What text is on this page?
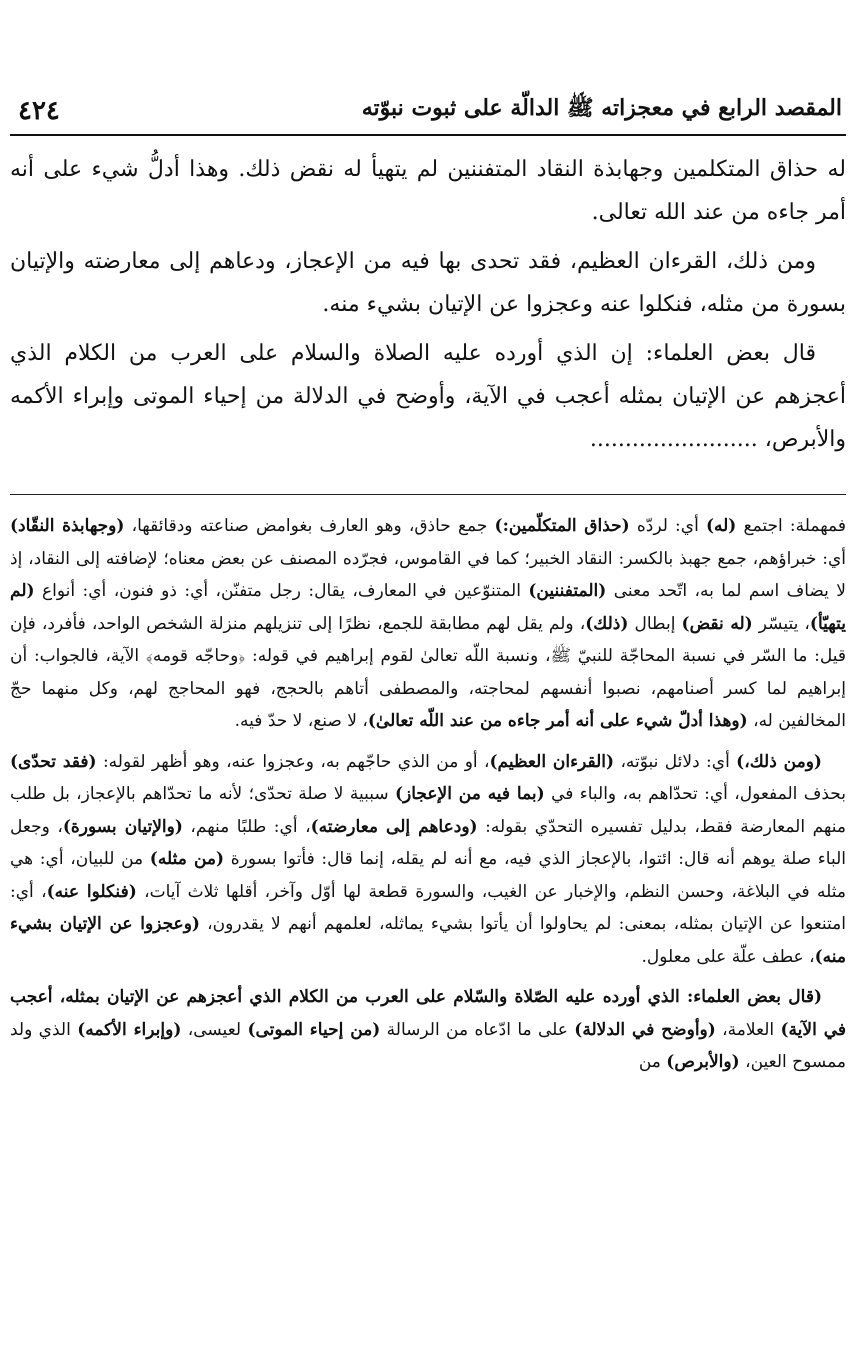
المقصد الرابع في معجزاته ﷺ الدالّة على ثبوت نبوّته
٤٢٤

له حذاق المتكلمين وجهابذة النقاد المتفننين لم يتهيأ له نقض ذلك. وهذا أدلُّ شيء على أنه أمر جاءه من عند الله تعالى.

ومن ذلك، القرءان العظيم، فقد تحدى بها فيه من الإعجاز، ودعاهم إلى معارضته والإتيان بسورة من مثله، فنكلوا عنه وعجزوا عن الإتيان بشيء منه.

قال بعض العلماء: إن الذي أورده عليه الصلاة والسلام على العرب من الكلام الذي أعجزهم عن الإتيان بمثله أعجب في الآية، وأوضح في الدلالة من إحياء الموتى وإبراء الأكمه والأبرص، ........................

فمهملة: اجتمع (له) أي: لردّه (حذاق المتكلّمين:) جمع حاذق، وهو العارف بغوامض صناعته ودقائقها، (وجهابذة النقّاد) أي: خبراؤهم، جمع جهبذ بالكسر: النقاد الخبير؛ كما في القاموس، فجرّده المصنف عن بعض معناه؛ لإضافته إلى النقاد، إذ لا يضاف اسم لما به، اتّحد معنى (المتفننين) المتنوّعين في المعارف، يقال: رجل متفنّن، أي: ذو فنون، أي: أنواع (لم يتهيّأ)، يتيسّر (له نقض) إبطال (ذلك)، ولم يقل لهم مطابقة للجمع، نظرًا إلى تنزيلهم منزلة الشخص الواحد، فأفرد، فإن قيل: ما السّر في نسبة المحاجّة للنبيّ ﷺ، ونسبة اللّه تعالىٰ لقوم إبراهيم في قوله: ﴿وحاجّه قومه﴾ الآية، فالجواب: أن إبراهيم لما كسر أصنامهم، نصبوا أنفسهم لمحاجته، والمصطفى أتاهم بالحجج، فهو المحاجج لهم، وكل منهما حجّ المخالفين له، (وهذا أدلّ شيء على أنه أمر جاءه من عند اللّه تعالىٰ)، لا صنع، لا حدّ فيه.

(ومن ذلك،) أي: دلائل نبوّته، (القرءان العظيم)، أو من الذي حاجّهم به، وعجزوا عنه، وهو أظهر لقوله: (فقد تحدّى) بحذف المفعول، أي: تحدّاهم به، والباء في (بما فيه من الإعجاز) سببية لا صلة تحدّى؛ لأنه ما تحدّاهم بالإعجاز، بل طلب منهم المعارضة فقط، بدليل تفسيره التحدّي بقوله: (ودعاهم إلى معارضته)، أي: طلبًا منهم، (والإتيان بسورة)، وجعل الباء صلة يوهم أنه قال: ائتوا، بالإعجاز الذي فيه، مع أنه لم يقله، إنما قال: فأتوا بسورة (من مثله) من للبيان، أي: هي مثله في البلاغة، وحسن النظم، والإخبار عن الغيب، والسورة قطعة لها أوّل وآخر، أقلها ثلاث آيات، (فنكلوا عنه)، أي: امتنعوا عن الإتيان بمثله، بمعنى: لم يحاولوا أن يأتوا بشيء يماثله، لعلمهم أنهم لا يقدرون، (وعجزوا عن الإتيان بشيء منه)، عطف علّة على معلول.

(قال بعض العلماء: الذي أورده عليه الصّلاة والسّلام على العرب من الكلام الذي أعجزهم عن الإتيان بمثله، أعجب في الآية) العلامة، (وأوضح في الدلالة) على ما ادّعاه من الرسالة (من إحياء الموتى) لعيسى، (وإبراء الأكمه) الذي ولد ممسوح العين، (والأبرص) من
